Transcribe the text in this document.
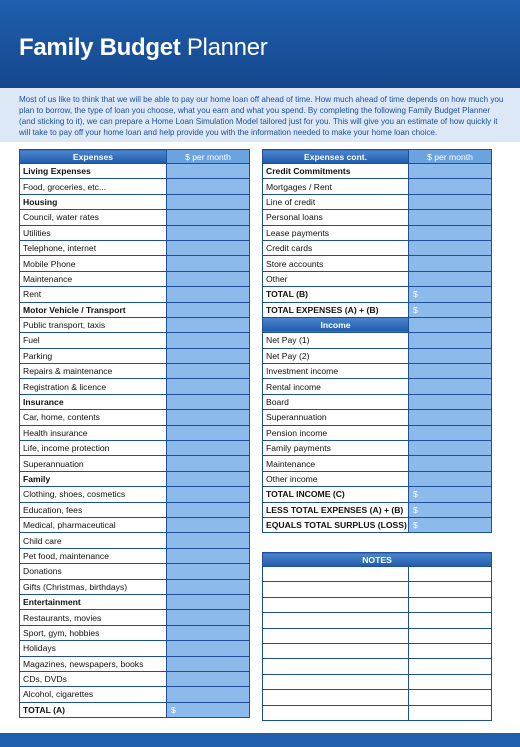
Family Budget Planner

Most of us like to think that we will be able to pay our home loan off ahead of time. How much ahead of time depends on how much you plan to borrow, the type of loan you choose, what you earn and what you spend. By completing the following Family Budget Planner (and sticking to it), we can prepare a Home Loan Simulation Model tailored just for you. This will give you an estimate of how quickly it will take to pay off your home loan and help provide you with the information needed to make your home loan choice.

Expenses	$ per month
Living Expenses	
Food, groceries, etc...	
Housing	
Council, water rates	
Utilities	
Telephone, internet	
Mobile Phone	
Maintenance	
Rent	
Motor Vehicle / Transport	
Public transport, taxis	
Fuel	
Parking	
Repairs & maintenance	
Registration & licence	
Insurance	
Car, home, contents	
Health insurance	
Life, income protection	
Superannuation	
Family	
Clothing, shoes, cosmetics	
Education, fees	
Medical, pharmaceutical	
Child care	
Pet food, maintenance	
Donations	
Gifts (Christmas, birthdays)	
Entertainment	
Restaurants, movies	
Sport, gym, hobbies	
Holidays	
Magazines, newspapers, books	
CDs, DVDs	
Alcohol, cigarettes	
TOTAL (A)	$
Expenses cont.	$ per month
Credit Commitments	
Mortgages / Rent	
Line of credit	
Personal loans	
Lease payments	
Credit cards	
Store accounts	
Other	
TOTAL (B)	$
TOTAL EXPENSES (A) + (B)	$
Income	
Net Pay (1)	
Net Pay (2)	
Investment income	
Rental income	
Board	
Superannuation	
Pension income	
Family payments	
Maintenance	
Other income	
TOTAL INCOME (C)	$
LESS TOTAL EXPENSES (A) + (B)	$
EQUALS TOTAL SURPLUS (LOSS)	$
NOTES	
